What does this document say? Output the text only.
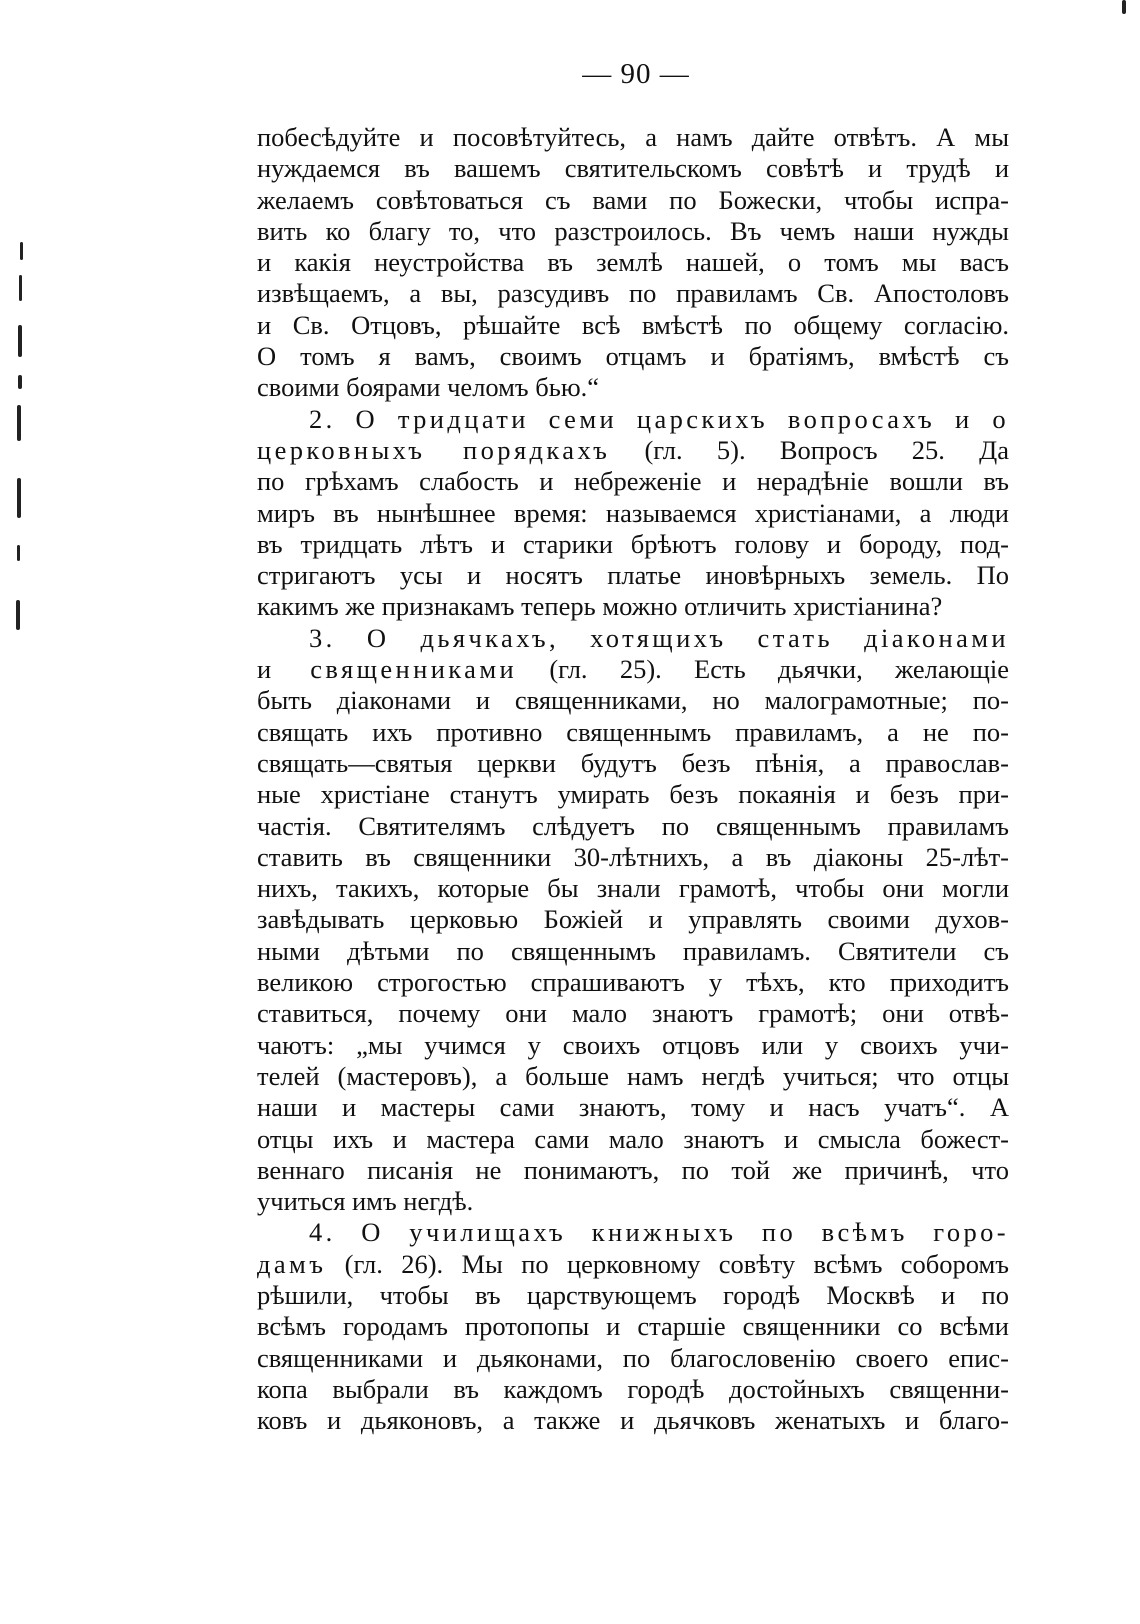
— 90 —
побесѣдуйте и посовѣтуйтесь, а намъ дайте отвѣтъ. А мы
нуждаемся въ вашемъ святительскомъ совѣтѣ и трудѣ и
желаемъ совѣтоваться съ вами по Божески, чтобы испра-
вить ко благу то, что разстроилось. Въ чемъ наши нужды
и какія неустройства въ землѣ нашей, о томъ мы васъ
извѣщаемъ, а вы, разсудивъ по правиламъ Св. Апостоловъ
и Св. Отцовъ, рѣшайте всѣ вмѣстѣ по общему согласію.
О томъ я вамъ, своимъ отцамъ и братіямъ, вмѣстѣ съ
своими боярами челомъ бью.“
2. О тридцати семи царскихъ вопросахъ и о
церковныхъ порядкахъ (гл. 5). Вопросъ 25. Да
по грѣхамъ слабость и небреженіе и нерадѣніе вошли въ
миръ въ нынѣшнее время: называемся христіанами, а люди
въ тридцать лѣтъ и старики брѣютъ голову и бороду, под-
стригаютъ усы и носятъ платье иновѣрныхъ земель. По
какимъ же признакамъ теперь можно отличить христіанина?
3. О дьячкахъ, хотящихъ стать діаконами
и священниками (гл. 25). Есть дьячки, желающіе
быть діаконами и священниками, но малограмотные; по-
свящать ихъ противно священнымъ правиламъ, а не по-
свящать—святыя церкви будутъ безъ пѣнія, а православ-
ные христіане станутъ умирать безъ покаянія и безъ при-
частія. Святителямъ слѣдуетъ по священнымъ правиламъ
ставить въ священники 30-лѣтнихъ, а въ діаконы 25-лѣт-
нихъ, такихъ, которые бы знали грамотѣ, чтобы они могли
завѣдывать церковью Божіей и управлять своими духов-
ными дѣтьми по священнымъ правиламъ. Святители съ
великою строгостью спрашиваютъ у тѣхъ, кто приходитъ
ставиться, почему они мало знаютъ грамотѣ; они отвѣ-
чаютъ: „мы учимся у своихъ отцовъ или у своихъ учи-
телей (мастеровъ), а больше намъ негдѣ учиться; что отцы
наши и мастеры сами знаютъ, тому и насъ учатъ“. А
отцы ихъ и мастера сами мало знаютъ и смысла божест-
веннаго писанія не понимаютъ, по той же причинѣ, что
учиться имъ негдѣ.
4. О училищахъ книжныхъ по всѣмъ горо-
дамъ (гл. 26). Мы по церковному совѣту всѣмъ соборомъ
рѣшили, чтобы въ царствующемъ городѣ Москвѣ и по
всѣмъ городамъ протопопы и старшіе священники со всѣми
священниками и дьяконами, по благословенію своего епис-
копа выбрали въ каждомъ городѣ достойныхъ священни-
ковъ и дьяконовъ, а также и дьячковъ женатыхъ и благо-
